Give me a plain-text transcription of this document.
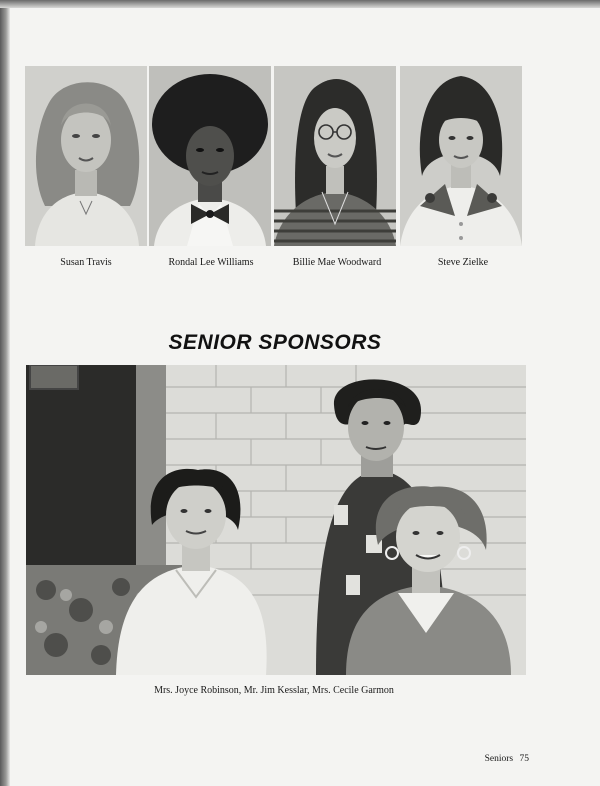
Susan Travis	Rondal Lee Williams	Billie Mae Woodward	Steve Zielke
SENIOR SPONSORS
Mrs. Joyce Robinson, Mr. Jim Kesslar, Mrs. Cecile Garmon
Seniors 75
